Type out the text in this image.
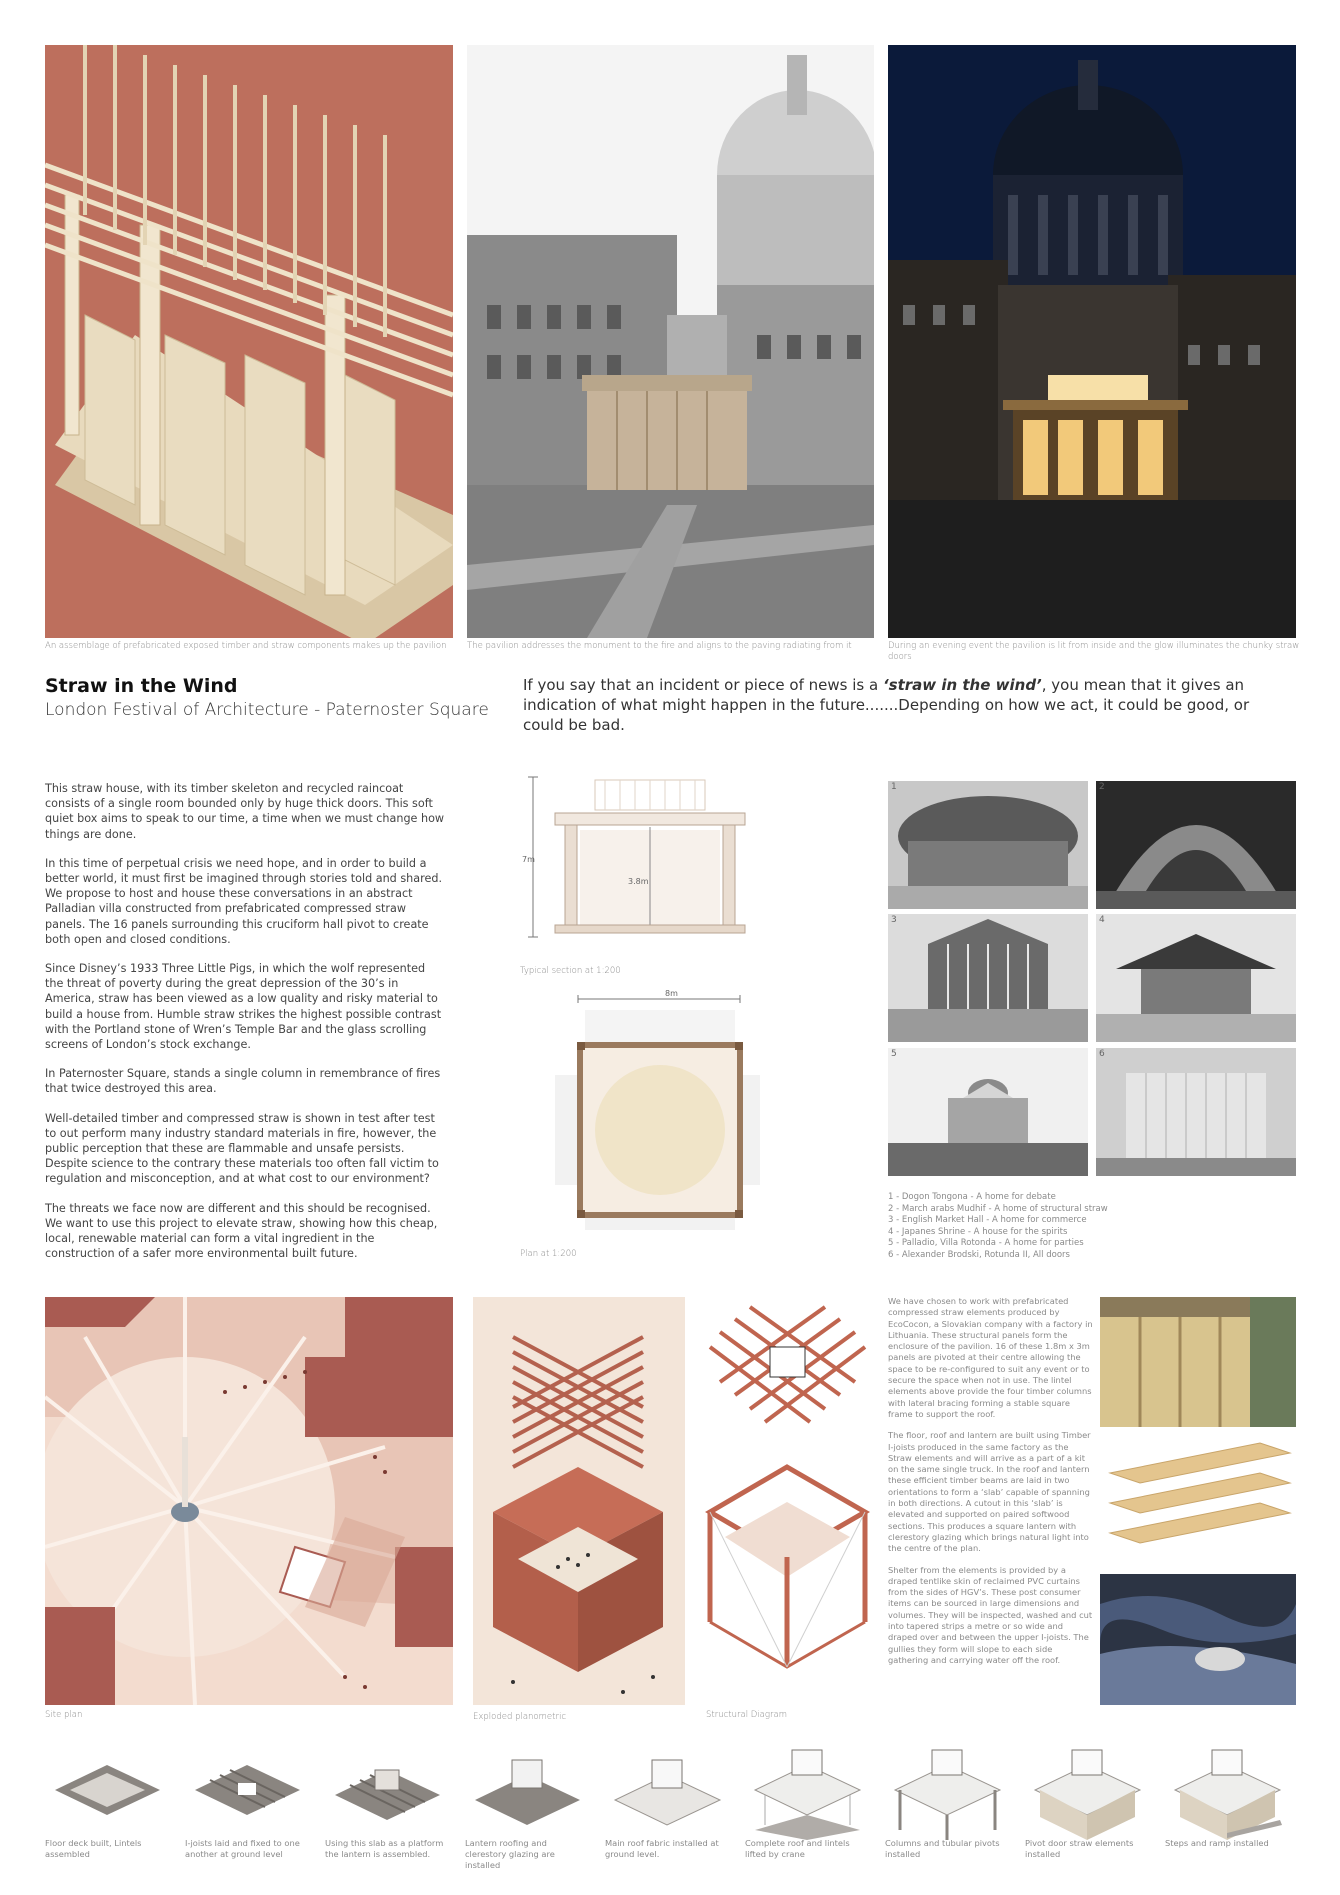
An assemblage of prefabricated exposed timber and straw components makes up the pavilion	The pavilion addresses the monument to the fire and aligns to the paving radiating from it	During an evening event the pavilion is lit from inside and the glow illuminates the chunky straw doors
Straw in the Wind
London Festival of Architecture - Paternoster Square
If you say that an incident or piece of news is a ‘straw in the wind’, you mean that it gives an indication of what might happen in the future.......Depending on how we act, it could be good, or could be bad.

This straw house, with its timber skeleton and recycled raincoat consists of a single room bounded only by huge thick doors. This soft quiet box aims to speak to our time, a time when we must change how things are done.

In this time of perpetual crisis we need hope, and in order to build a better world, it must first be imagined through stories told and shared. We propose to host and house these conversations in an abstract Palladian villa constructed from prefabricated compressed straw panels. The 16 panels surrounding this cruciform hall pivot to create both open and closed conditions.

Since Disney’s 1933 Three Little Pigs, in which the wolf represented the threat of poverty during the great depression of the 30’s in America, straw has been viewed as a low quality and risky material to build a house from. Humble straw strikes the highest possible contrast with the Portland stone of Wren’s Temple Bar and the glass scrolling screens of London’s stock exchange.

In Paternoster Square, stands a single column in remembrance of fires that twice destroyed this area.

Well-detailed timber and compressed straw is shown in test after test to out perform many industry standard materials in fire, however, the public perception that these are flammable and unsafe persists. Despite science to the contrary these materials too often fall victim to regulation and misconception, and at what cost to our environment?

The threats we face now are different and this should be recognised. We want to use this project to elevate straw, showing how this cheap, local, renewable material can form a vital ingredient in the construction of a safer more environmental built future.

7m
3.8m
Typical section at 1:200
8m
Plan at 1:200
1	2
3	4
5	6
1 - Dogon Tongona - A home for debate
2 - March arabs Mudhif - A home of structural straw
3 - English Market Hall - A home for commerce
4 - Japanes Shrine - A house for the spirits
5 - Palladio, Villa Rotonda - A home for parties
6 - Alexander Brodski, Rotunda II, All doors
Site plan	Exploded planometric	Structural Diagram

We have chosen to work with prefabricated compressed straw elements produced by EcoCocon, a Slovakian company with a factory in Lithuania. These structural panels form the enclosure of the pavilion. 16 of these 1.8m x 3m panels are pivoted at their centre allowing the space to be re-configured to suit any event or to secure the space when not in use. The lintel elements above provide the four timber columns with lateral bracing forming a stable square frame to support the roof.

The floor, roof and lantern are built using Timber I-joists produced in the same factory as the Straw elements and will arrive as a part of a kit on the same single truck. In the roof and lantern these efficient timber beams are laid in two orientations to form a ‘slab’ capable of spanning in both directions. A cutout in this ‘slab’ is elevated and supported on paired softwood sections. This produces a square lantern with clerestory glazing which brings natural light into the centre of the plan.

Shelter from the elements is provided by a draped tentlike skin of reclaimed PVC curtains from the sides of HGV’s. These post consumer items can be sourced in large dimensions and volumes. They will be inspected, washed and cut into tapered strips a metre or so wide and draped over and between the upper I-joists. The gullies they form will slope to each side gathering and carrying water off the roof.

Floor deck built, Lintels assembled
I-joists laid and fixed to one another at ground level
Using this slab as a platform the lantern is assembled.
Lantern roofing and clerestory glazing are installed
Main roof fabric installed at ground level.
Complete roof and lintels lifted by crane
Columns and tubular pivots installed
Pivot door straw elements installed
Steps and ramp installed
